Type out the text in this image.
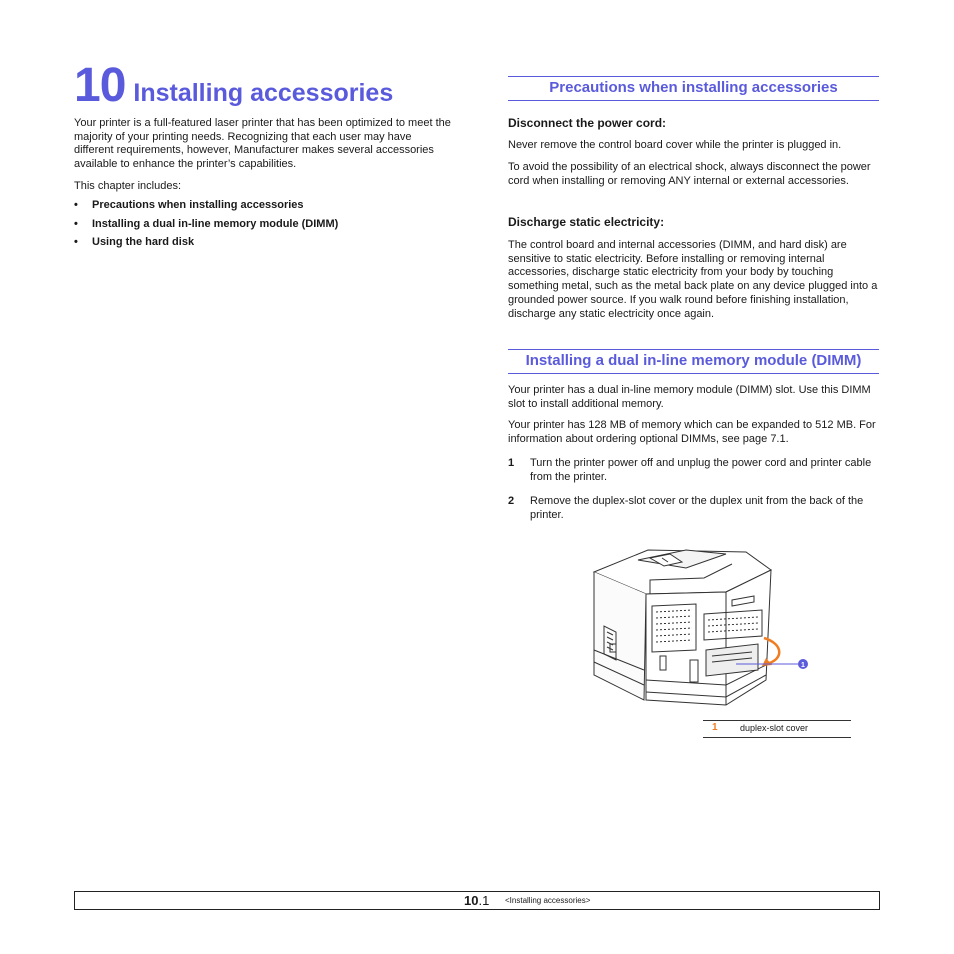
10 Installing accessories

Your printer is a full-featured laser printer that has been optimized to meet the majority of your printing needs. Recognizing that each user may have different requirements, however, Manufacturer makes several accessories available to enhance the printer’s capabilities.

This chapter includes:

• Precautions when installing accessories
• Installing a dual in-line memory module (DIMM)
• Using the hard disk
Precautions when installing accessories

Disconnect the power cord:

Never remove the control board cover while the printer is plugged in.

To avoid the possibility of an electrical shock, always disconnect the power cord when installing or removing ANY internal or external accessories.

Discharge static electricity:

The control board and internal accessories (DIMM, and hard disk) are sensitive to static electricity. Before installing or removing internal accessories, discharge static electricity from your body by touching something metal, such as the metal back plate on any device plugged into a grounded power source. If you walk round before finishing installation, discharge any static electricity once again.

Installing a dual in-line memory module (DIMM)

Your printer has a dual in-line memory module (DIMM) slot. Use this DIMM slot to install additional memory.

Your printer has 128 MB of memory which can be expanded to 512 MB. For information about ordering optional DIMMs, see page 7.1.

1 Turn the printer power off and unplug the power cord and printer cable from the printer.
2 Remove the duplex-slot cover or the duplex unit from the back of the printer.
1
1 duplex-slot cover
10.1 <Installing accessories>
